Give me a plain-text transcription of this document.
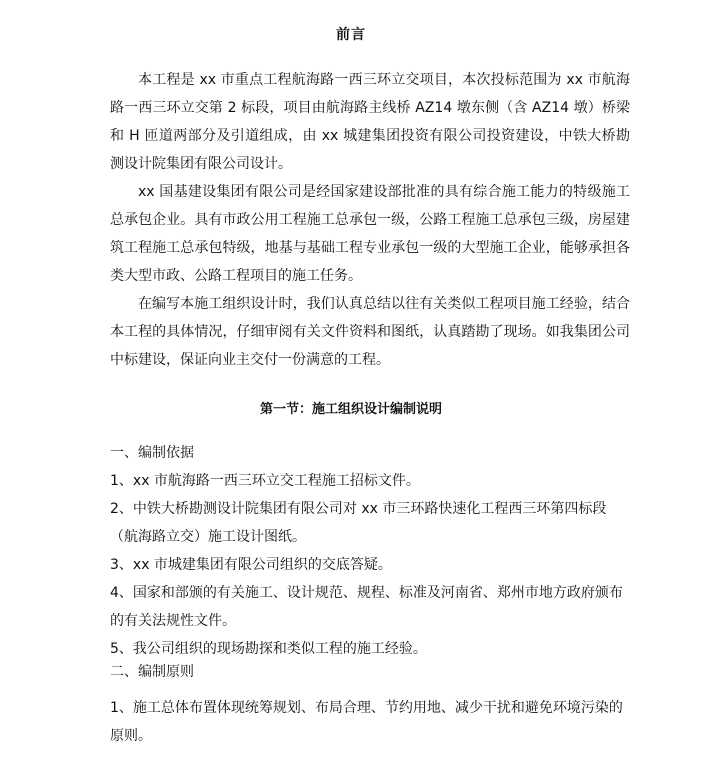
前言

本工程是 xx 市重点工程航海路一西三环立交项目，本次投标范围为 xx 市航海路一西三环立交第 2 标段，项目由航海路主线桥 AZ14 墩东侧（含 AZ14 墩）桥梁和 H 匝道两部分及引道组成，由 xx 城建集团投资有限公司投资建设，中铁大桥勘测设计院集团有限公司设计。

xx 国基建设集团有限公司是经国家建设部批准的具有综合施工能力的特级施工总承包企业。具有市政公用工程施工总承包一级，公路工程施工总承包三级，房屋建筑工程施工总承包特级，地基与基础工程专业承包一级的大型施工企业，能够承担各类大型市政、公路工程项目的施工任务。

在编写本施工组织设计时，我们认真总结以往有关类似工程项目施工经验，结合本工程的具体情况，仔细审阅有关文件资料和图纸，认真踏勘了现场。如我集团公司中标建设，保证向业主交付一份满意的工程。

第一节：施工组织设计编制说明

一、编制依据

1、xx 市航海路一西三环立交工程施工招标文件。

2、中铁大桥勘测设计院集团有限公司对 xx 市三环路快速化工程西三环第四标段（航海路立交）施工设计图纸。

3、xx 市城建集团有限公司组织的交底答疑。

4、国家和部颁的有关施工、设计规范、规程、标准及河南省、郑州市地方政府颁布的有关法规性文件。

5、我公司组织的现场勘探和类似工程的施工经验。

二、编制原则

1、施工总体布置体现统筹规划、布局合理、节约用地、减少干扰和避免环境污染的原则。
